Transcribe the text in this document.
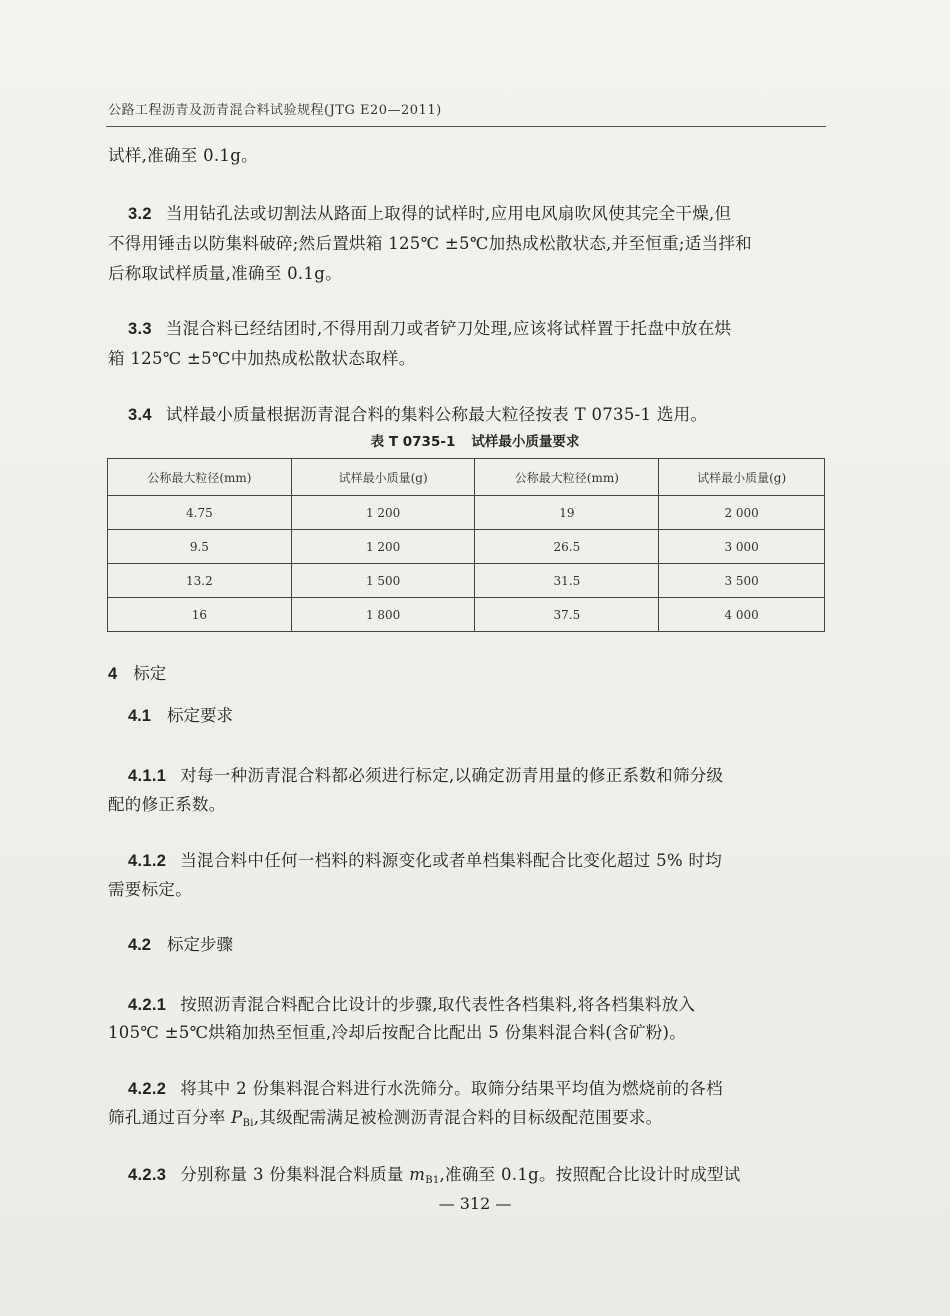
公路工程沥青及沥青混合料试验规程(JTG E20—2011)
试样,准确至 0.1g。
3.2 当用钻孔法或切割法从路面上取得的试样时,应用电风扇吹风使其完全干燥,但
不得用锤击以防集料破碎;然后置烘箱 125℃ ±5℃加热成松散状态,并至恒重;适当拌和
后称取试样质量,准确至 0.1g。
3.3 当混合料已经结团时,不得用刮刀或者铲刀处理,应该将试样置于托盘中放在烘
箱 125℃ ±5℃中加热成松散状态取样。
3.4 试样最小质量根据沥青混合料的集料公称最大粒径按表 T 0735-1 选用。
表 T 0735-1 试样最小质量要求
公称最大粒径(mm)	试样最小质量(g)	公称最大粒径(mm)	试样最小质量(g)
4.75	1 200	19	2 000
9.5	1 200	26.5	3 000
13.2	1 500	31.5	3 500
16	1 800	37.5	4 000
4 标定
4.1 标定要求
4.1.1 对每一种沥青混合料都必须进行标定,以确定沥青用量的修正系数和筛分级
配的修正系数。
4.1.2 当混合料中任何一档料的料源变化或者单档集料配合比变化超过 5% 时均
需要标定。
4.2 标定步骤
4.2.1 按照沥青混合料配合比设计的步骤,取代表性各档集料,将各档集料放入
105℃ ±5℃烘箱加热至恒重,冷却后按配合比配出 5 份集料混合料(含矿粉)。
4.2.2 将其中 2 份集料混合料进行水洗筛分。取筛分结果平均值为燃烧前的各档
筛孔通过百分率 $P_{Bi}$,其级配需满足被检测沥青混合料的目标级配范围要求。
4.2.3 分别称量 3 份集料混合料质量 $m_{B1}$,准确至 0.1g。按照配合比设计时成型试
— 312 —
